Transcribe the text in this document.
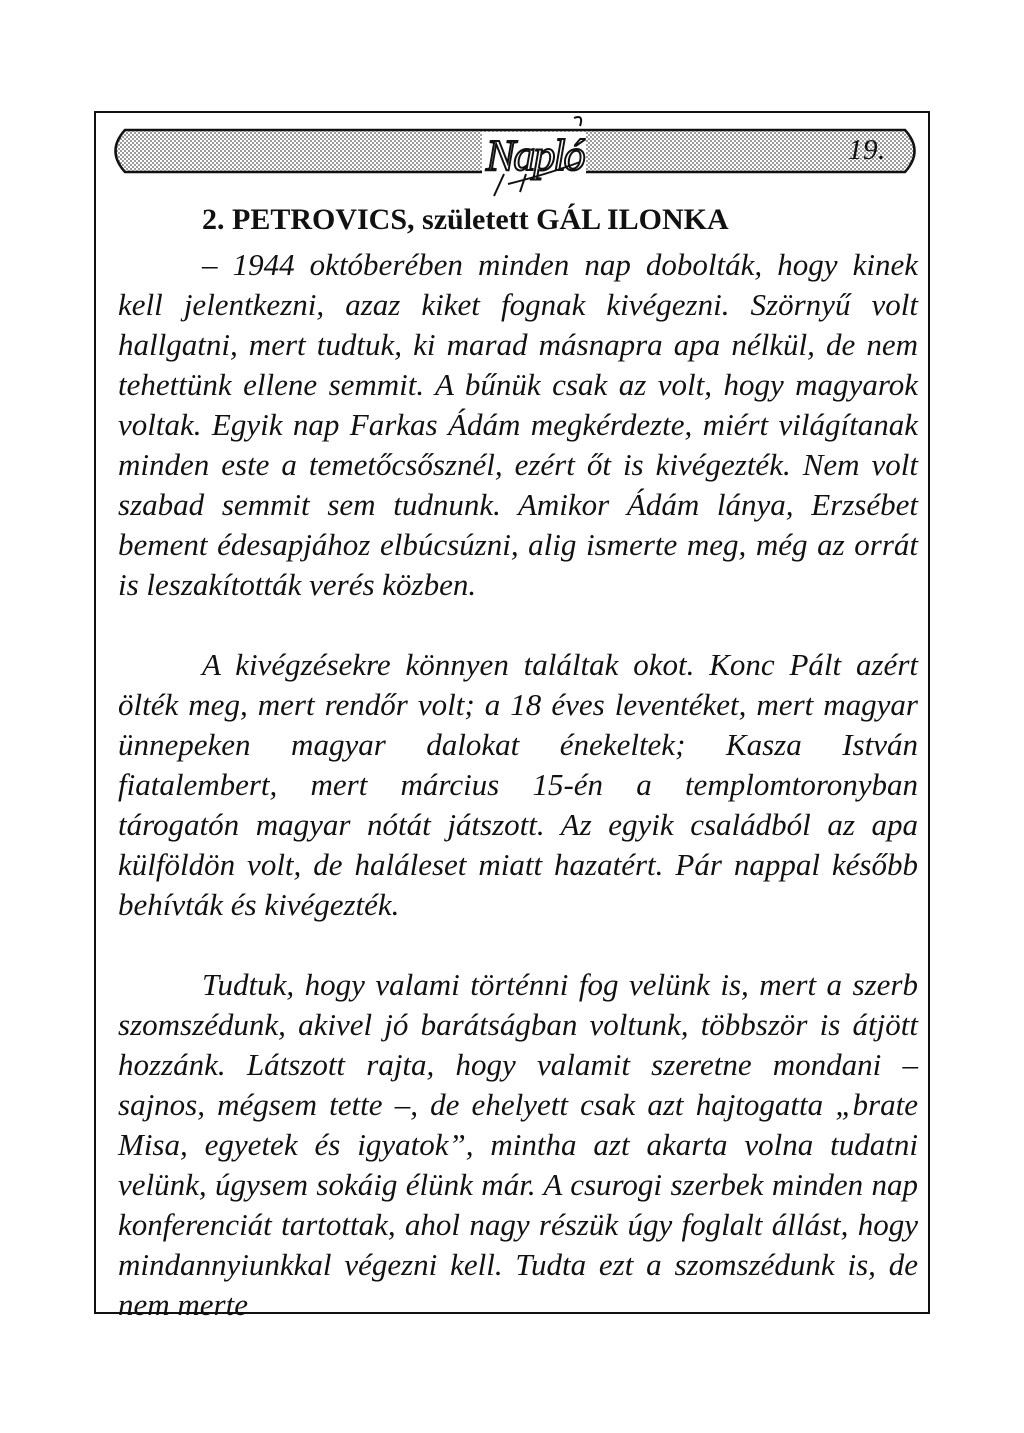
Napló	19.
2. PETROVICS, született GÁL ILONKA

– 1944 októberében minden nap dobolták, hogy kinek kell jelentkezni, azaz kiket fognak kivégezni. Szörnyű volt hallgatni, mert tudtuk, ki marad másnapra apa nélkül, de nem tehettünk ellene semmit. A bűnük csak az volt, hogy magyarok voltak. Egyik nap Farkas Ádám megkérdezte, miért világítanak minden este a temetőcsősznél, ezért őt is kivégezték. Nem volt szabad semmit sem tudnunk. Amikor Ádám lánya, Erzsébet bement édesapjához elbúcsúzni, alig ismerte meg, még az orrát is leszakították verés közben.

A kivégzésekre könnyen találtak okot. Konc Pált azért ölték meg, mert rendőr volt; a 18 éves leventéket, mert magyar ünnepeken magyar dalokat énekeltek; Kasza István fiatalembert, mert március 15-én a templomtoronyban tárogatón magyar nótát játszott. Az egyik családból az apa külföldön volt, de haláleset miatt hazatért. Pár nappal később behívták és kivégezték.

Tudtuk, hogy valami történni fog velünk is, mert a szerb szomszédunk, akivel jó barátságban voltunk, többször is átjött hozzánk. Látszott rajta, hogy valamit szeretne mondani – sajnos, mégsem tette –, de ehelyett csak azt hajtogatta „brate Misa, egyetek és igyatok”, mintha azt akarta volna tudatni velünk, úgysem sokáig élünk már. A csurogi szerbek minden nap konferenciát tartottak, ahol nagy részük úgy foglalt állást, hogy mindannyiunkkal végezni kell. Tudta ezt a szomszédunk is, de nem merte
